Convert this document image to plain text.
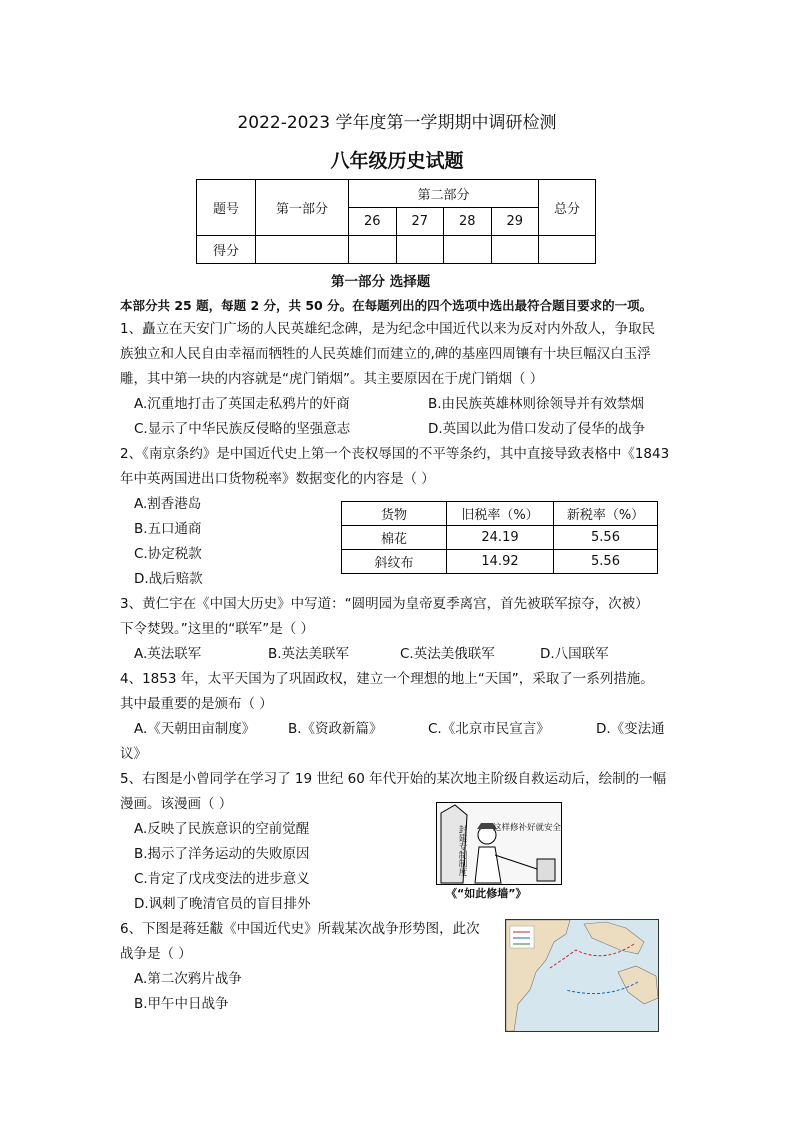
2022-2023 学年度第一学期期中调研检测
八年级历史试题
题号	第一部分	第二部分				总分
		26	27	28	29	
得分						
第一部分 选择题
本部分共 25 题，每题 2 分，共 50 分。在每题列出的四个选项中选出最符合题目要求的一项。
1、矗立在天安门广场的人民英雄纪念碑，是为纪念中国近代以来为反对内外敌人，争取民
族独立和人民自由幸福而牺牲的人民英雄们而建立的,碑的基座四周镶有十块巨幅汉白玉浮
雕，其中第一块的内容就是“虎门销烟”。其主要原因在于虎门销烟（ ）
A.沉重地打击了英国走私鸦片的奸商	B.由民族英雄林则徐领导并有效禁烟
C.显示了中华民族反侵略的坚强意志	D.英国以此为借口发动了侵华的战争
2、《南京条约》是中国近代史上第一个丧权辱国的不平等条约，其中直接导致表格中《1843
年中英两国进出口货物税率》数据变化的内容是（ ）
A.割香港岛
B.五口通商
C.协定税款
D.战后赔款
货物	旧税率（%）	新税率（%）
棉花	24.19	5.56
斜纹布	14.92	5.56
3、黄仁宇在《中国大历史》中写道：“圆明园为皇帝夏季离宫，首先被联军掠夺，次被）
下令焚毁。”这里的“联军”是（ ）
A.英法联军	B.英法美联军	C.英法美俄联军	D.八国联军
4、1853 年，太平天国为了巩固政权，建立一个理想的地上“天国”，采取了一系列措施。
其中最重要的是颁布（ ）
A.《天朝田亩制度》 B.《资政新篇》	C.《北京市民宣言》	D.《变法通
议》
5、右图是小曾同学在学习了 19 世纪 60 年代开始的某次地主阶级自救运动后，绘制的一幅
漫画。该漫画（ ）
A.反映了民族意识的空前觉醒
B.揭示了洋务运动的失败原因
C.肯定了戊戌变法的进步意义
D.讽刺了晚清官员的盲目排外
这样修补好就安全
封建专制制度
《“如此修墙”》
6、下图是蒋廷黻《中国近代史》所载某次战争形势图，此次
战争是（ ）
A.第二次鸦片战争
B.甲午中日战争
